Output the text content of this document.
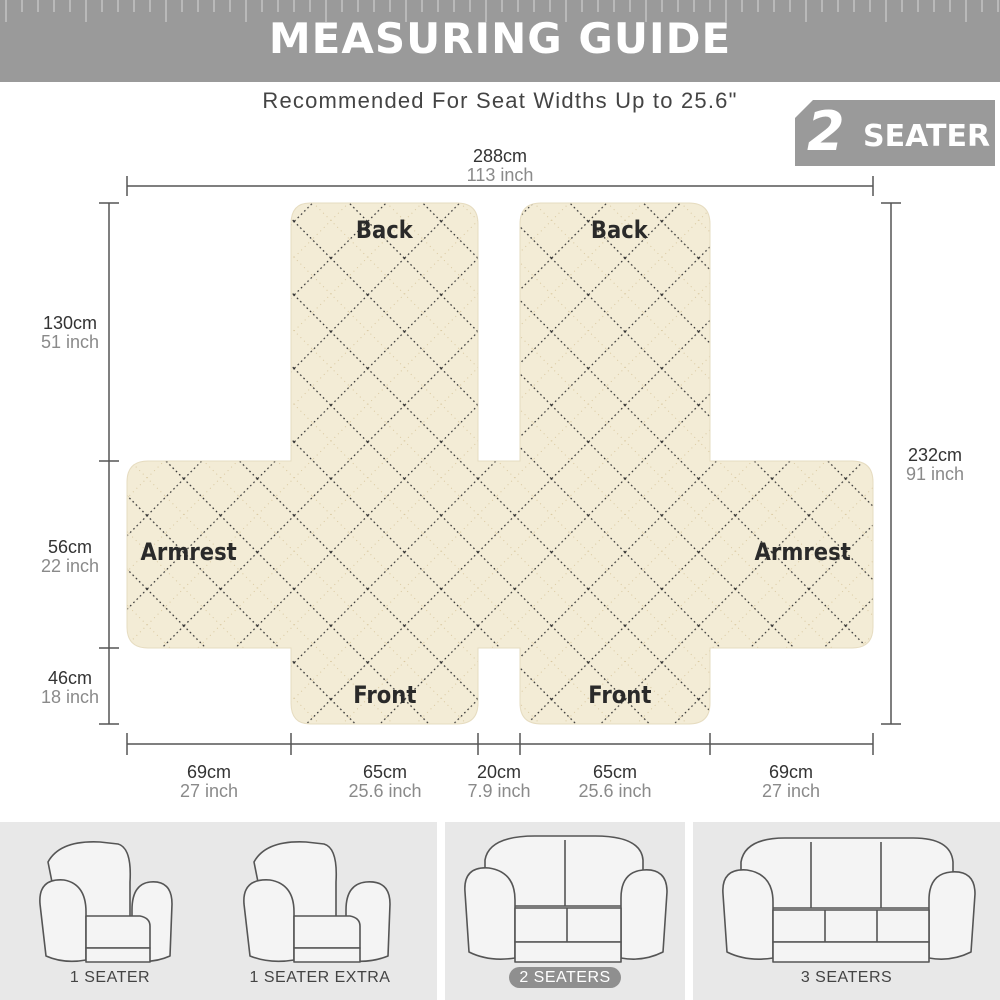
MEASURING GUIDE
Recommended For Seat Widths Up to 25.6"	2 SEATER
Back	Back
Armrest	Armrest
Front	Front
288cm
113 inch
130cm
51 inch
56cm
22 inch
46cm
18 inch
232cm
91 inch
69cm
27 inch
65cm
25.6 inch
20cm
7.9 inch
65cm
25.6 inch
69cm
27 inch
1 SEATER	1 SEATER EXTRA	2 SEATERS	3 SEATERS
